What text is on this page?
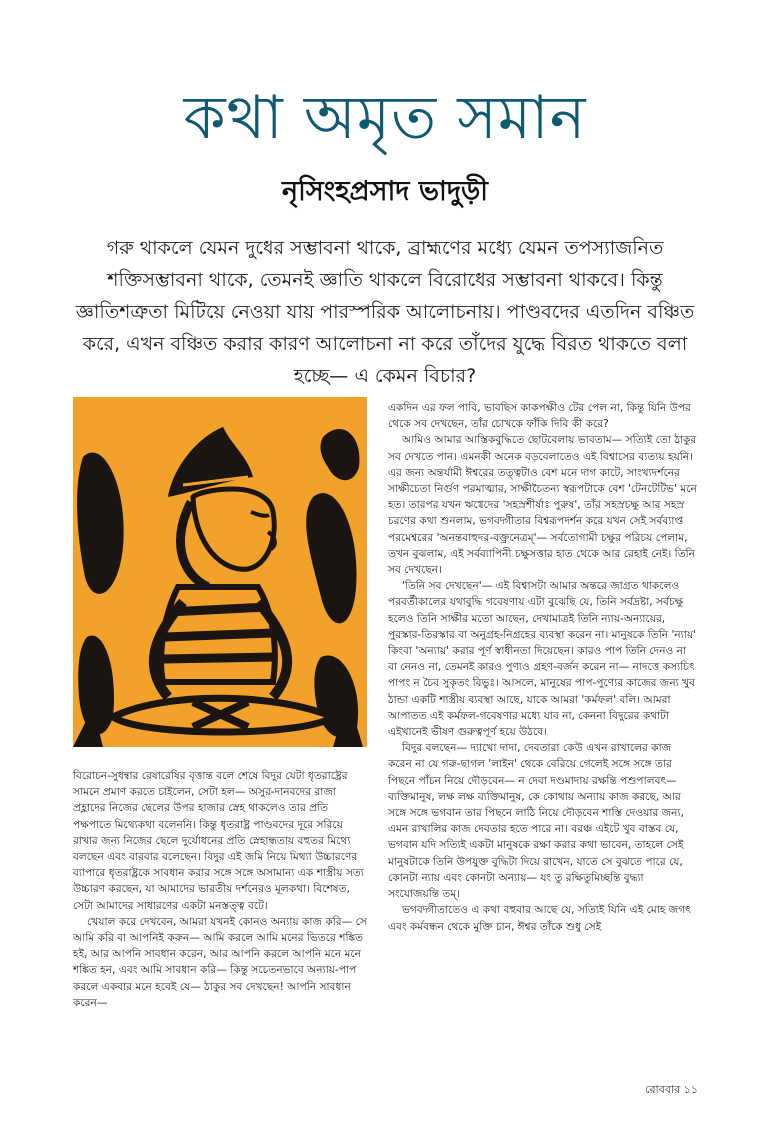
কথা অমৃত সমান
নৃসিংহপ্রসাদ ভাদুড়ী
গরু থাকলে যেমন দুধের সম্ভাবনা থাকে, ব্রাহ্মণের মধ্যে যেমন তপস্যাজনিত শক্তিসম্ভাবনা থাকে, তেমনই জ্ঞাতি থাকলে বিরোধের সম্ভাবনা থাকবে। কিন্তু জ্ঞাতিশত্রুতা মিটিয়ে নেওয়া যায় পারস্পরিক আলোচনায়। পাণ্ডবদের এতদিন বঞ্চিত করে, এখন বঞ্চিত করার কারণ আলোচনা না করে তাঁদের যুদ্ধে বিরত থাকতে বলা হচ্ছে— এ কেমন বিচার?

বিরোচন-সুধন্বার রেষারেষির বৃত্তান্ত বলে শেষে বিদুর যেটা ধৃতরাষ্ট্রের সামনে প্রমাণ করতে চাইলেন, সেটা হল— অসুর-দানবদের রাজা প্রহ্লাদের নিজের ছেলের উপর হাজার স্নেহ থাকলেও তার প্রতি পক্ষপাতে মিথ্যেকথা বলেননি। কিন্তু ধৃতরাষ্ট্র পাণ্ডবদের দূরে সরিয়ে রাখার জন্য নিজের ছেলে দুর্যোধনের প্রতি স্নেহান্ধতায় বহুতর মিথ্যে বলছেন এবং বারবার বলেছেন। বিদুর এই জমি নিয়ে মিথ্যা উচ্চারণের ব্যাপারে ধৃতরাষ্ট্রকে সাবধান করার সঙ্গে সঙ্গে অসামান্য এক শাস্ত্রীয় সত্য উচ্চারণ করছেন, যা আমাদের ভারতীয় দর্শনেরও মূলকথা। বিশেষত, সেটা আমাদের সাধারণের একটা মনস্তত্ত্ব বটে।

খেয়াল করে দেখবেন, আমরা যখনই কোনও অন্যায় কাজ করি— সে আমি করি বা আপনিই করুন— আমি করলে আমি মনের ভিতরে শঙ্কিত হই, আর আপনি সাবধান করেন, আর আপনি করলে আপনি মনে মনে শঙ্কিত হন, এবং আমি সাবধান করি— কিন্তু সচেতনভাবে অন্যায়-পাপ করলে একবার মনে হবেই যে— ঠাকুর সব দেখছেন! আপনি সাবধান করেন—

একদিন এর ফল পাবি, ভাবছিস কাকপক্ষীও টের পেল না, কিন্তু যিনি উপর থেকে সব দেখছেন, তাঁর চোখকে ফাঁকি দিবি কী করে?

আমিও আমার আস্তিকবুদ্ধিতে ছোটবেলায় ভাবতাম— সত্যিই তো ঠাকুর সব দেখতে পান। এমনকী অনেক বড়বেলাতেও এই বিশ্বাসের ব্যত্যয় হয়নি। এর জন্য অন্তর্যামী ঈশ্বরের তত্ত্বটাও বেশ মনে দাগ কাটে, সাংখ্যদর্শনের সাক্ষীচেতা নির্গুণ পরমাত্মার, সাক্ষীচৈতন্য স্বরূপটাকে বেশ 'টেনটেটিভ' মনে হত। তারপর যখন ঋগ্বেদের 'সহস্রশীর্ষাঃ পুরুষ', তাঁর সহস্রচক্ষু আর সহস্র চরণের কথা শুনলাম, ভগবদ্গীতার বিশ্বরূপদর্শন করে যখন সেই সর্বব্যাপ্ত পরমেশ্বরের 'অনন্তবাহুদর-বক্ত্রনেত্রম্'— সর্বতোগামী চক্ষুর পরিচয় পেলাম, তখন বুঝলাম, এই সর্বব্যাপিনী চক্ষুসত্তার হাত থেকে আর রেহাই নেই। তিনি সব দেখছেন।

'তিনি সব দেখছেন'— এই বিশ্বাসটা আমার অন্তরে জাগ্রত থাকলেও পরবর্তীকালের যথাবুদ্ধি গবেষণায় এটা বুঝেছি যে, তিনি সর্বদ্রষ্টা, সর্বচক্ষু হলেও তিনি সাক্ষীর মতো আছেন, দেখামাত্রই তিনি ন্যায়-অন্যায়ের, পুরস্কার-তিরস্কার বা অনুগ্রহ-নিগ্রহের ব্যবস্থা করেন না। মানুষকে তিনি 'ন্যায়' কিংবা 'অন্যায়' করার পূর্ণ স্বাধীনতা দিয়েছেন। কারও পাপ তিনি দেনও না বা নেনও না, তেমনই কারও পুণ্যও গ্রহণ-বর্জন করেন না— নাদত্তে কস্যচিৎ পাপং ন চৈব সুকৃতং বিভুঃ। আসলে, মানুষের পাপ-পুণ্যের কাজের জন্য খুব ঠান্ডা একটি শাস্ত্রীয় ব্যবস্থা আছে, যাকে আমরা 'কর্মফল' বলি। আমরা আপাতত এই কর্মফল-গবেষণার মধ্যে যাব না, কেননা বিদুরের কথাটা এইখানেই ভীষণ গুরুত্বপূর্ণ হয়ে উঠবে।

বিদুর বলছেন— দ্যাখো দাদা, দেবতারা কেউ এখন রাখালের কাজ করেন না যে গরু-ছাগল 'লাইন' থেকে বেরিয়ে গেলেই সঙ্গে সঙ্গে তার পিছনে পাঁচন নিয়ে দৌড়বেন— ন দেবা দণ্ডমাদায় রক্ষন্তি পশুপালবৎ— ব্যক্তিমানুষ, লক্ষ লক্ষ ব্যক্তিমানুষ, কে কোথায় অন্যায় কাজ করছে, আর সঙ্গে সঙ্গে ভগবান তার পিছনে লাঠি নিয়ে দৌড়বেন শাস্তি দেওয়ার জন্য, এমন রাখালির কাজ দেবতার হতে পারে না। বরঞ্চ এইটে খুব বাস্তব যে, ভগবান যদি সত্যিই একটা মানুষকে রক্ষা করার কথা ভাবেন, তাহলে সেই মানুষটাকে তিনি উপযুক্ত বুদ্ধিটা দিয়ে রাখেন, যাতে সে বুঝতে পারে যে, কোনটা ন্যায় এবং কোনটা অন্যায়— যং তু রক্ষিতুমিচ্ছন্তি বুদ্ধ্যা সংযোজয়ন্তি তম্।

ভগবদ্গীতাতেও এ কথা বহুবার আছে যে, সত্যিই যিনি এই মোহ জগৎ এবং কর্মবন্ধন থেকে মুক্তি চান, ঈশ্বর তাঁকে শুধু সেই

রোববার ১১
